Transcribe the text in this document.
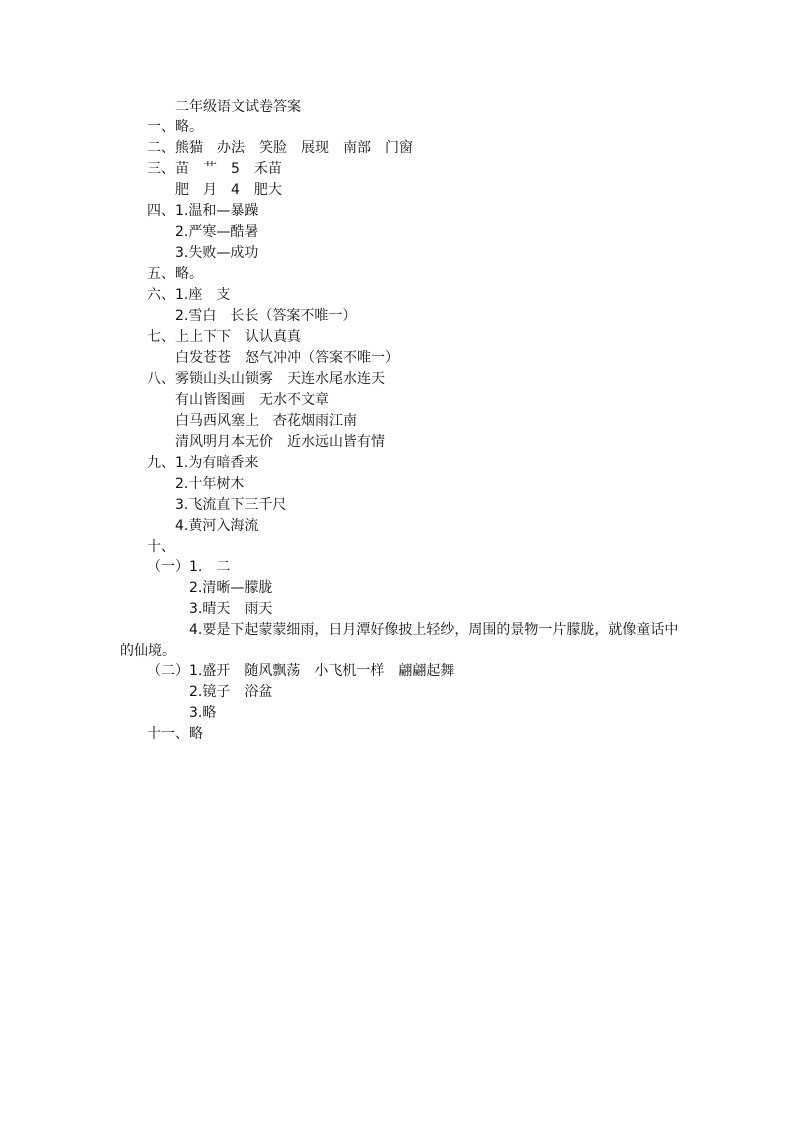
二年级语文试卷答案
一、略。
二、熊猫　办法　笑脸　展现　南部　门窗
三、苗　艹　5　禾苗
肥　月　4　肥大
四、1.温和—暴躁
2.严寒—酷暑
3.失败—成功
五、略。
六、1.座　支
2.雪白　长长（答案不唯一）
七、上上下下　认认真真
白发苍苍　怒气冲冲（答案不唯一）
八、雾锁山头山锁雾　天连水尾水连天
有山皆图画　无水不文章
白马西风塞上　杏花烟雨江南
清风明月本无价　近水远山皆有情
九、1.为有暗香来
2.十年树木
3.飞流直下三千尺
4.黄河入海流
十、
（一）1.　二
2.清晰—朦胧
3.晴天　雨天
4.要是下起蒙蒙细雨，日月潭好像披上轻纱，周围的景物一片朦胧，就像童话中
的仙境。
（二）1.盛开　随风飘荡　小飞机一样　翩翩起舞
2.镜子　浴盆
3.略
十一、略
